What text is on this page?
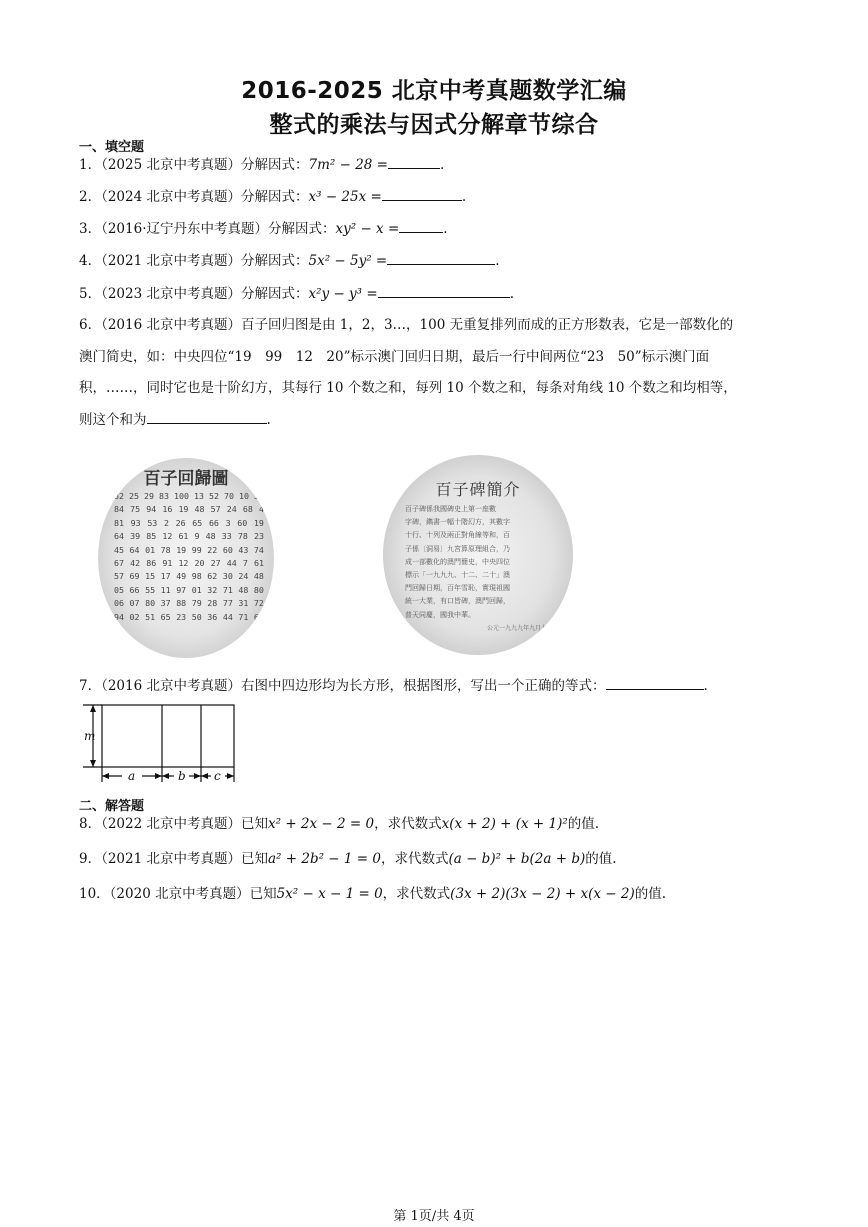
2016-2025 北京中考真题数学汇编
整式的乘法与因式分解章节综合
一、填空题
1．（2025 北京中考真题）分解因式：7m² − 28 =	.
2．（2024 北京中考真题）分解因式：x³ − 25x =	.
3．（2016·辽宁丹东中考真题）分解因式：xy² − x =	.
4．（2021 北京中考真题）分解因式：5x² − 5y² =	.
5．（2023 北京中考真题）分解因式：x²y − y³ =	.
6．（2016 北京中考真题）百子回归图是由 1，2，3…，100 无重复排列而成的正方形数表，它是一部数化的
澳门简史，如：中央四位“19　99　12　20”标示澳门回归日期，最后一行中间两位“23　50”标示澳门面
积，……，同时它也是十阶幻方，其每行 10 个数之和，每列 10 个数之和，每条对角线 10 个数之和均相等，
则这个和为	.
百子回歸圖
82 25 29 83 100 13 52 70 10 35
84 75 94 16 19 48 57 24 68 4
81 93 53 2 26 65 66 3 60 19
64 39 85 12 61 9 48 33 78 23
45 64 01 78 19 99 22 60 43 74
67 42 86 91 12 20 27 44 7 61
57 69 15 17 49 98 62 30 24 48
05 66 55 11 97 01 32 71 48 80
06 07 80 37 88 79 28 77 31 72
94 02 51 65 23 50 36 44 71 69
百子碑簡介
百子碑係我國碑史上第一座數
字碑，鐫書一幅十階幻方，其數字
十行、十列及兩正對角線等和，百
子係〔洞易〕九宮算原理組合，乃
成一部數化的澳門簡史，中央四位
標示「一九九九、十二、二十」澳
門回歸日期，百年雪恥，實現祖國
統一大業，有口皆碑，澳門回歸，
普天同慶，國我中華。
公元一九九九年九月九日
7．（2016 北京中考真题）右图中四边形均为长方形，根据图形，写出一个正确的等式：	.
m
a	b c
二、解答题
8．（2022 北京中考真题）已知x² + 2x − 2 = 0，求代数式x(x + 2) + (x + 1)²的值.
9．（2021 北京中考真题）已知a² + 2b² − 1 = 0，求代数式(a − b)² + b(2a + b)的值.
10．（2020 北京中考真题）已知5x² − x − 1 = 0，求代数式(3x + 2)(3x − 2) + x(x − 2)的值.
第 1页/共 4页
